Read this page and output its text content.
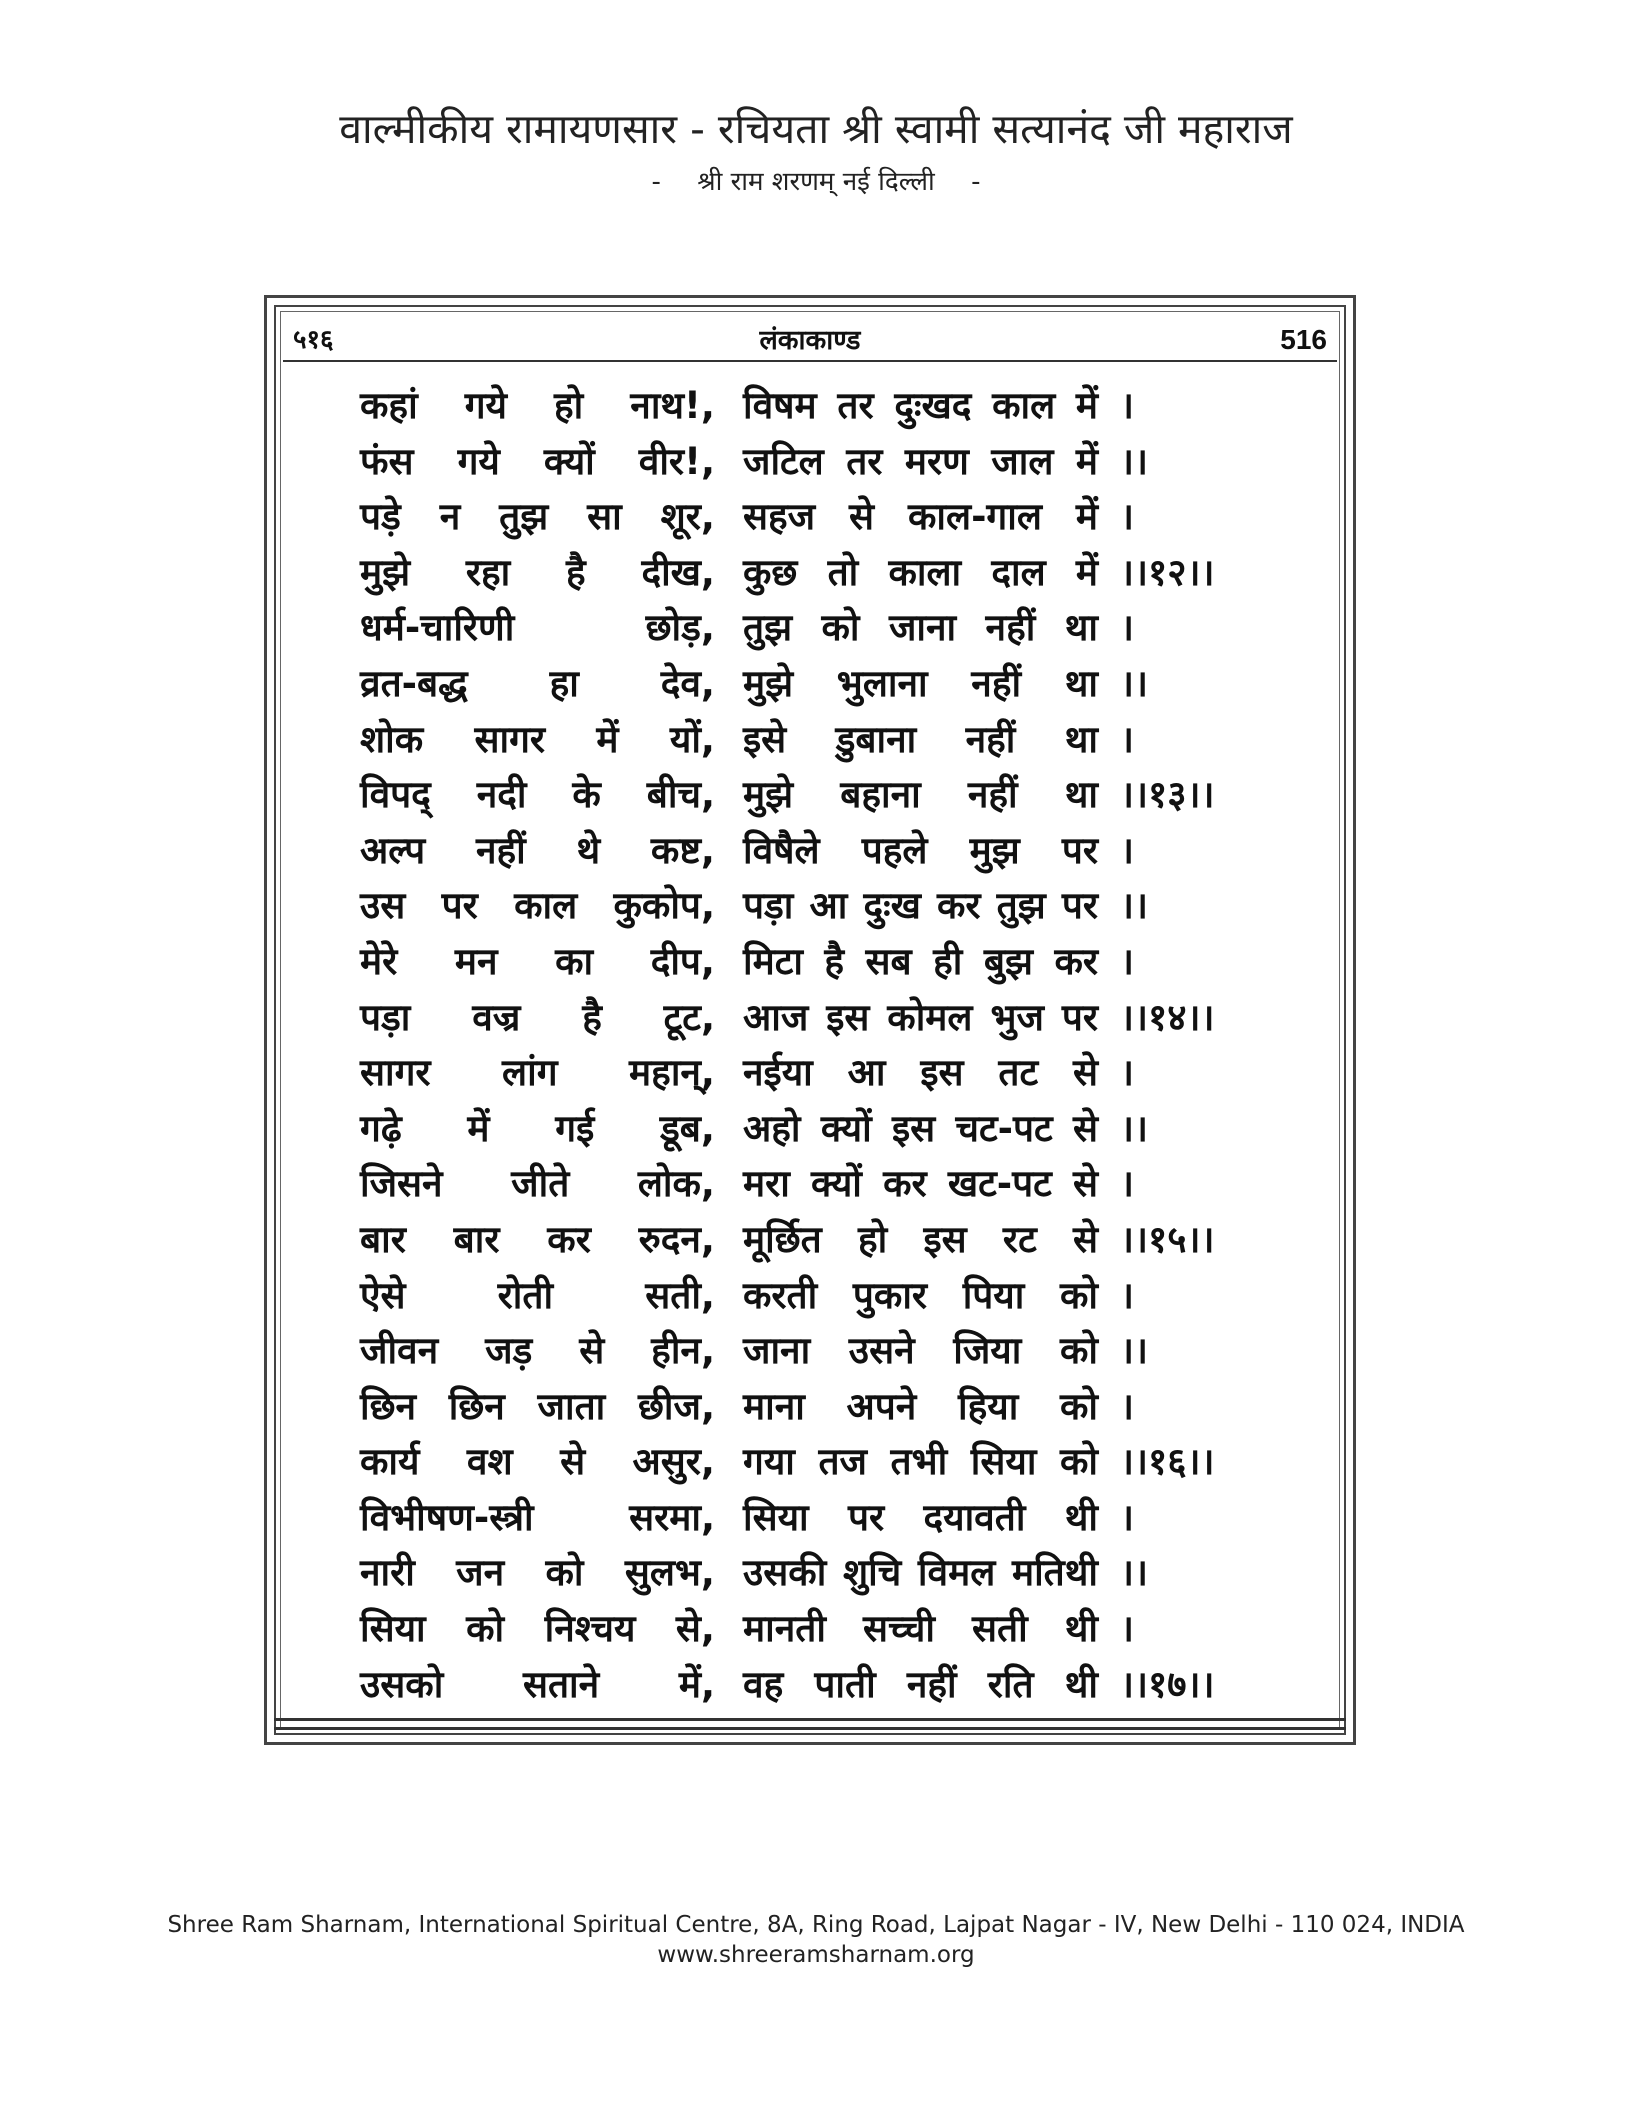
वाल्मीकीय रामायणसार - रचियता श्री स्वामी सत्यानंद जी महाराज
- श्री राम शरणम् नई दिल्ली -
५१६	लंकाकाण्ड	516
कहां गये हो नाथ!, विषम तर दुःखद काल में ।
फंस गये क्यों वीर!, जटिल तर मरण जाल में ।।
पड़े न तुझ सा शूर, सहज से काल-गाल में ।
मुझे रहा है दीख, कुछ तो काला दाल में ।।१२।।
धर्म-चारिणी छोड़, तुझ को जाना नहीं था ।
व्रत-बद्ध हा देव, मुझे भुलाना नहीं था ।।
शोक सागर में यों, इसे डुबाना नहीं था ।
विपद् नदी के बीच, मुझे बहाना नहीं था ।।१३।।
अल्प नहीं थे कष्ट, विषैले पहले मुझ पर ।
उस पर काल कुकोप, पड़ा आ दुःख कर तुझ पर ।।
मेरे मन का दीप, मिटा है सब ही बुझ कर ।
पड़ा वज्र है टूट, आज इस कोमल भुज पर ।।१४।।
सागर लांग महान्, नईया आ इस तट से ।
गढ़े में गई डूब, अहो क्यों इस चट-पट से ।।
जिसने जीते लोक, मरा क्यों कर खट-पट से ।
बार बार कर रुदन, मूर्छित हो इस रट से ।।१५।।
ऐसे रोती सती, करती पुकार पिया को ।
जीवन जड़ से हीन, जाना उसने जिया को ।।
छिन छिन जाता छीज, माना अपने हिया को ।
कार्य वश से असुर, गया तज तभी सिया को ।।१६।।
विभीषण-स्त्री सरमा, सिया पर दयावती थी ।
नारी जन को सुलभ, उसकी शुचि विमल मतिथी ।।
सिया को निश्चय से, मानती सच्ची सती थी ।
उसको सताने में, वह पाती नहीं रति थी ।।१७।।
Shree Ram Sharnam, International Spiritual Centre, 8A, Ring Road, Lajpat Nagar - IV, New Delhi - 110 024, INDIA
www.shreeramsharnam.org
